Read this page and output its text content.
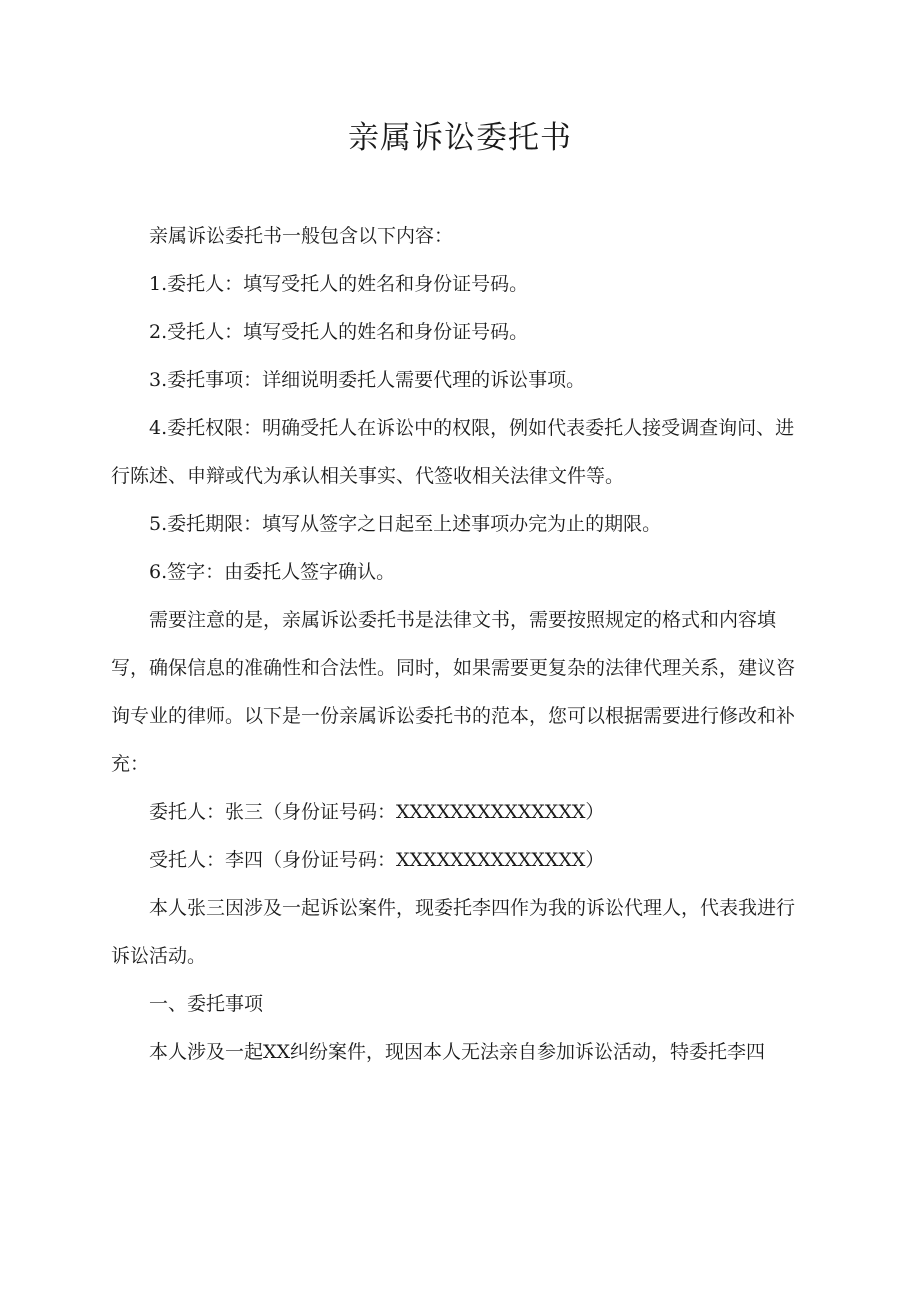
亲属诉讼委托书

亲属诉讼委托书一般包含以下内容：

1.委托人：填写受托人的姓名和身份证号码。

2.受托人：填写受托人的姓名和身份证号码。

3.委托事项：详细说明委托人需要代理的诉讼事项。

4.委托权限：明确受托人在诉讼中的权限，例如代表委托人接受调查询问、进行陈述、申辩或代为承认相关事实、代签收相关法律文件等。

5.委托期限：填写从签字之日起至上述事项办完为止的期限。

6.签字：由委托人签字确认。

需要注意的是，亲属诉讼委托书是法律文书，需要按照规定的格式和内容填写，确保信息的准确性和合法性。同时，如果需要更复杂的法律代理关系，建议咨询专业的律师。以下是一份亲属诉讼委托书的范本，您可以根据需要进行修改和补充：

委托人：张三（身份证号码：XXXXXXXXXXXXXX）

受托人：李四（身份证号码：XXXXXXXXXXXXXX）

本人张三因涉及一起诉讼案件，现委托李四作为我的诉讼代理人，代表我进行诉讼活动。

一、委托事项

本人涉及一起XX纠纷案件，现因本人无法亲自参加诉讼活动，特委托李四
